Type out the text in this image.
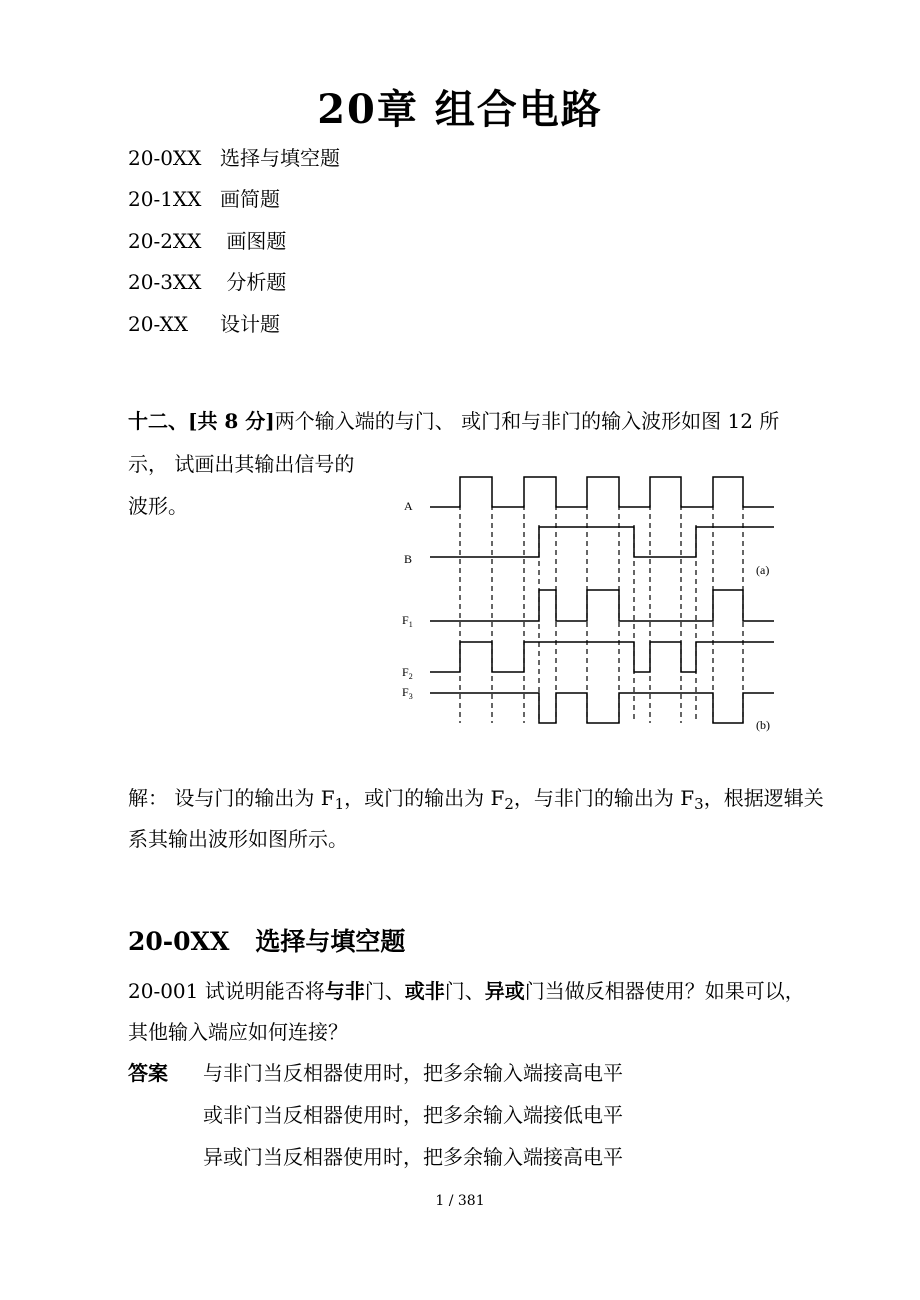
20章 组合电路
20-0XX 选择与填空题
20-1XX 画简题
20-2XX 画图题
20-3XX 分析题
20-XX 设计题
十二、[共 8 分]两个输入端的与门、 或门和与非门的输入波形如图 12 所
示， 试画出其输出信号的
波形。	A
B
$F_1$
$F_2$
$F_3$
(a)
(b)
解： 设与门的输出为 $F_1$，或门的输出为 $F_2$，与非门的输出为 $F_3$，根据逻辑关
系其输出波形如图所示。
20-0XX 选择与填空题
20-001 试说明能否将与非门、或非门、异或门当做反相器使用？如果可以，
其他输入端应如何连接？
答案 与非门当反相器使用时，把多余输入端接高电平
或非门当反相器使用时，把多余输入端接低电平
异或门当反相器使用时，把多余输入端接高电平
1 / 381
